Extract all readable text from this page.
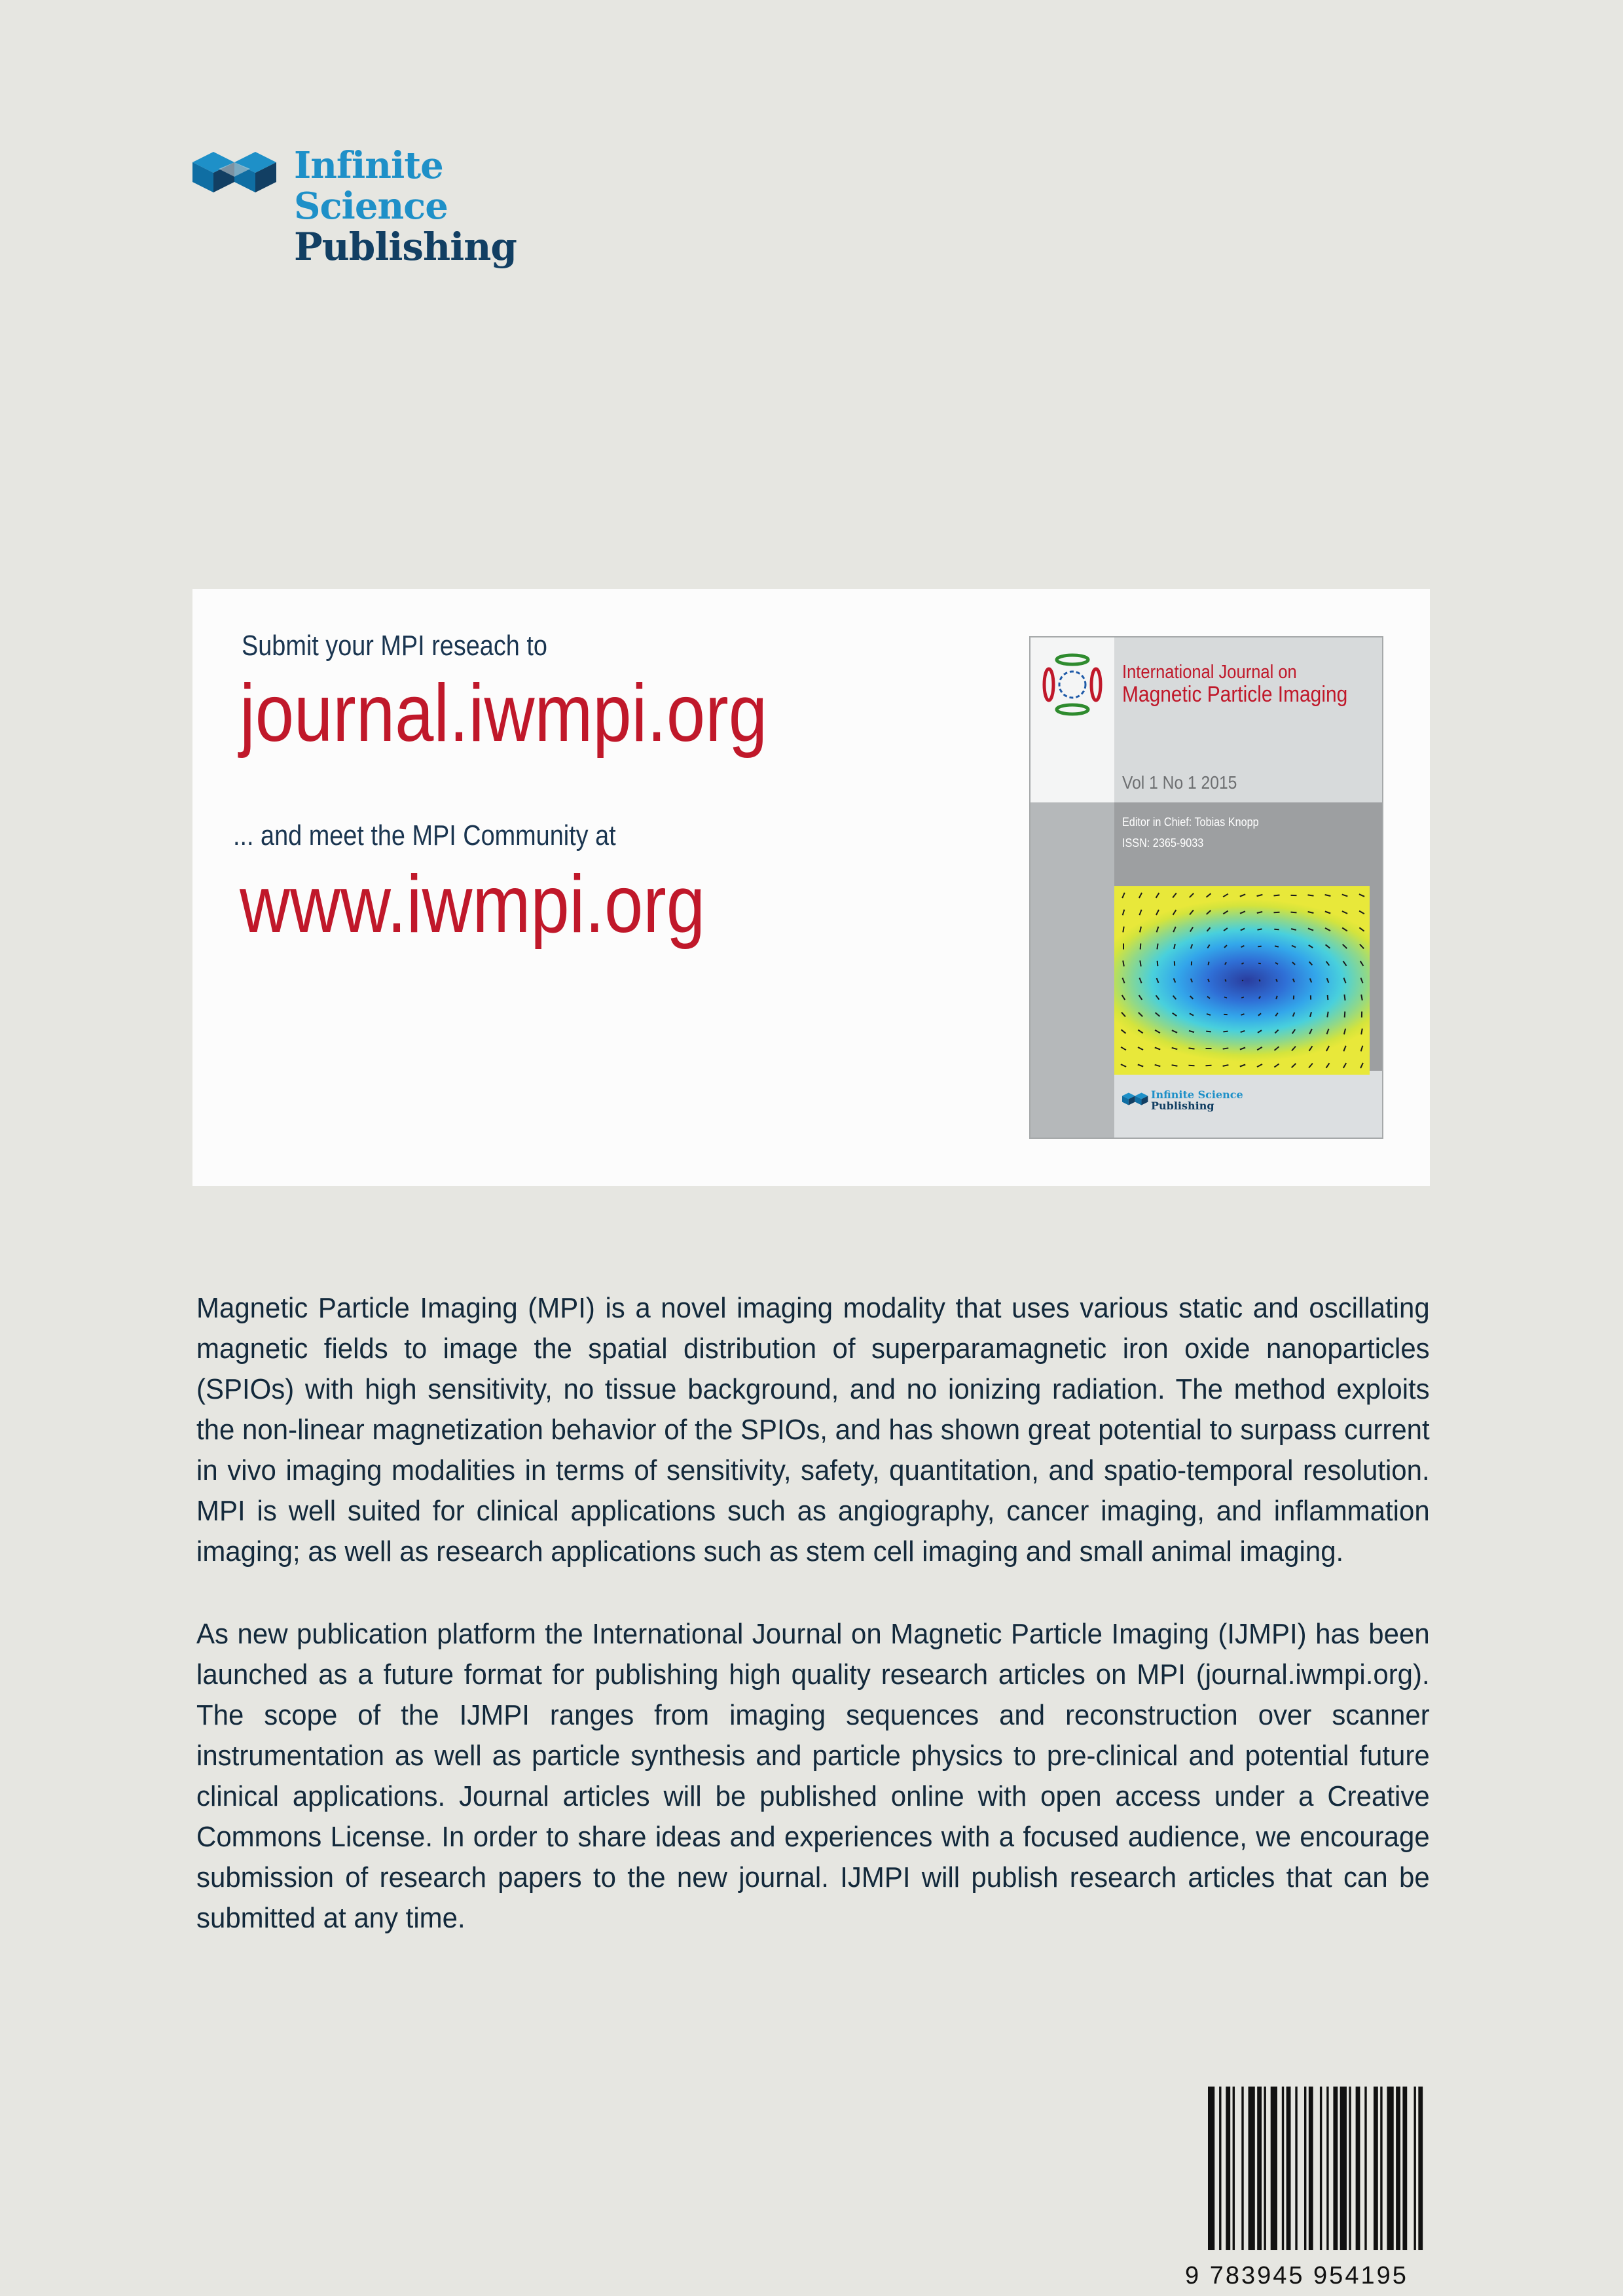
Infinite Science
Publishing
Submit your MPI reseach to
journal.iwmpi.org
... and meet the MPI Community at
www.iwmpi.org
International Journal on
Magnetic Particle Imaging
Vol 1 No 1 2015
Editor in Chief: Tobias Knopp
ISSN: 2365-9033
Infinite Science
Publishing

Magnetic Particle Imaging (MPI) is a novel imaging modality that uses various static and oscillating magnetic fields to image the spatial distribution of superparamagnetic iron oxide nanoparticles (SPIOs) with high sensitivity, no tissue background, and no ionizing radiation. The method exploits the non-linear magnetization behavior of the SPIOs, and has shown great potential to surpass current in vivo imaging modalities in terms of sensitivity, safety, quantitation, and spatio-temporal resolution. MPI is well suited for clinical applications such as angiography, cancer imaging, and inflammation imaging; as well as research applications such as stem cell imaging and small animal imaging.

As new publication platform the International Journal on Magnetic Particle Imaging (IJMPI) has been launched as a future format for publishing high quality research articles on MPI (journal.iwmpi.org). The scope of the IJMPI ranges from imaging sequences and reconstruction over scanner instrumentation as well as particle synthesis and particle physics to pre-clinical and potential future clinical applications. Journal articles will be published online with open access under a Creative Commons License. In order to share ideas and experiences with a focused audience, we encourage submission of research papers to the new journal. IJMPI will publish research articles that can be submitted at any time.

9 783945 954195
